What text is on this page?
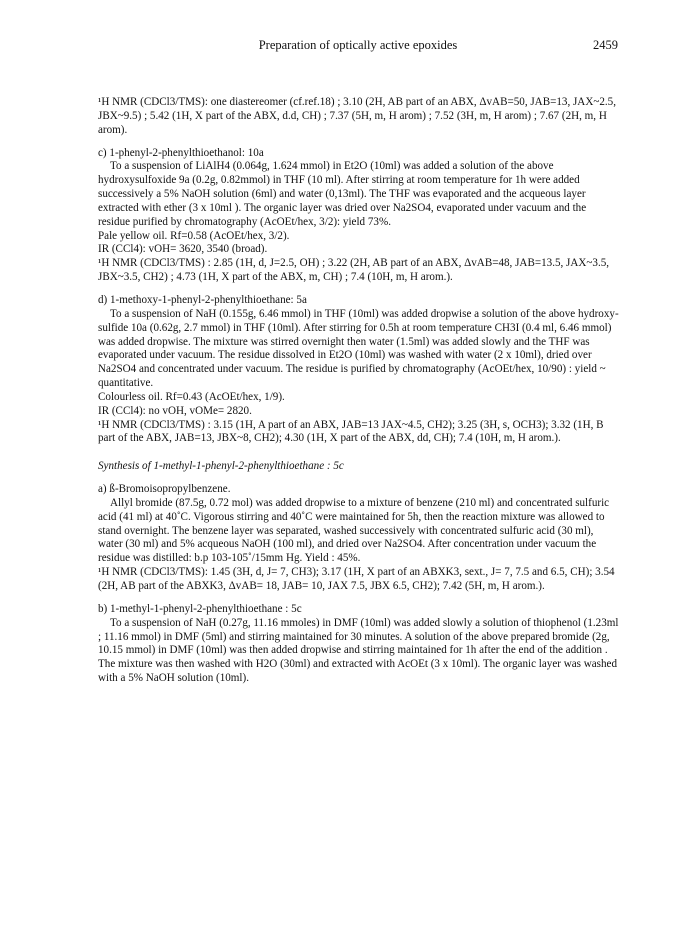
Preparation of optically active epoxides	2459

¹H NMR (CDCl3/TMS): one diastereomer (cf.ref.18) ; 3.10 (2H, AB part of an ABX, ΔvAB=50, JAB=13, JAX~2.5, JBX~9.5) ; 5.42 (1H, X part of the ABX, d.d, CH) ; 7.37 (5H, m, H arom) ; 7.52 (3H, m, H arom) ; 7.67 (2H, m, H arom).

c) 1-phenyl-2-phenylthioethanol: 10a

To a suspension of LiAlH4 (0.064g, 1.624 mmol) in Et2O (10ml) was added a solution of the above hydroxysulfoxide 9a (0.2g, 0.82mmol) in THF (10 ml). After stirring at room temperature for 1h were added successively a 5% NaOH solution (6ml) and water (0,13ml). The THF was evaporated and the acqueous layer extracted with ether (3 x 10ml ). The organic layer was dried over Na2SO4, evaporated under vacuum and the residue purified by chromatography (AcOEt/hex, 3/2): yield 73%.

Pale yellow oil. Rf=0.58 (AcOEt/hex, 3/2).

IR (CCl4): vOH= 3620, 3540 (broad).

¹H NMR (CDCl3/TMS) : 2.85 (1H, d, J=2.5, OH) ; 3.22 (2H, AB part of an ABX, ΔvAB=48, JAB=13.5, JAX~3.5, JBX~3.5, CH2) ; 4.73 (1H, X part of the ABX, m, CH) ; 7.4 (10H, m, H arom.).

d) 1-methoxy-1-phenyl-2-phenylthioethane: 5a

To a suspension of NaH (0.155g, 6.46 mmol) in THF (10ml) was added dropwise a solution of the above hydroxy-sulfide 10a (0.62g, 2.7 mmol) in THF (10ml). After stirring for 0.5h at room temperature CH3I (0.4 ml, 6.46 mmol) was added dropwise. The mixture was stirred overnight then water (1.5ml) was added slowly and the THF was evaporated under vacuum. The residue dissolved in Et2O (10ml) was washed with water (2 x 10ml), dried over Na2SO4 and concentrated under vacuum. The residue is purified by chromatography (AcOEt/hex, 10/90) : yield ~ quantitative.

Colourless oil. Rf=0.43 (AcOEt/hex, 1/9).

IR (CCl4): no vOH, vOMe= 2820.

¹H NMR (CDCl3/TMS) : 3.15 (1H, A part of an ABX, JAB=13 JAX~4.5, CH2); 3.25 (3H, s, OCH3); 3.32 (1H, B part of the ABX, JAB=13, JBX~8, CH2); 4.30 (1H, X part of the ABX, dd, CH); 7.4 (10H, m, H arom.).

Synthesis of 1-methyl-1-phenyl-2-phenylthioethane : 5c

a) ß-Bromoisopropylbenzene.

Allyl bromide (87.5g, 0.72 mol) was added dropwise to a mixture of benzene (210 ml) and concentrated sulfuric acid (41 ml) at 40˚C. Vigorous stirring and 40˚C were maintained for 5h, then the reaction mixture was allowed to stand overnight. The benzene layer was separated, washed successively with concentrated sulfuric acid (30 ml), water (30 ml) and 5% acqueous NaOH (100 ml), and dried over Na2SO4. After concentration under vacuum the residue was distilled: b.p 103-105˚/15mm Hg. Yield : 45%.

¹H NMR (CDCl3/TMS): 1.45 (3H, d, J= 7, CH3); 3.17 (1H, X part of an ABXK3, sext., J= 7, 7.5 and 6.5, CH); 3.54 (2H, AB part of the ABXK3, ΔvAB= 18, JAB= 10, JAX 7.5, JBX 6.5, CH2); 7.42 (5H, m, H arom.).

b) 1-methyl-1-phenyl-2-phenylthioethane : 5c

To a suspension of NaH (0.27g, 11.16 mmoles) in DMF (10ml) was added slowly a solution of thiophenol (1.23ml ; 11.16 mmol) in DMF (5ml) and stirring maintained for 30 minutes. A solution of the above prepared bromide (2g, 10.15 mmol) in DMF (10ml) was then added dropwise and stirring maintained for 1h after the end of the addition . The mixture was then washed with H2O (30ml) and extracted with AcOEt (3 x 10ml). The organic layer was washed with a 5% NaOH solution (10ml).
